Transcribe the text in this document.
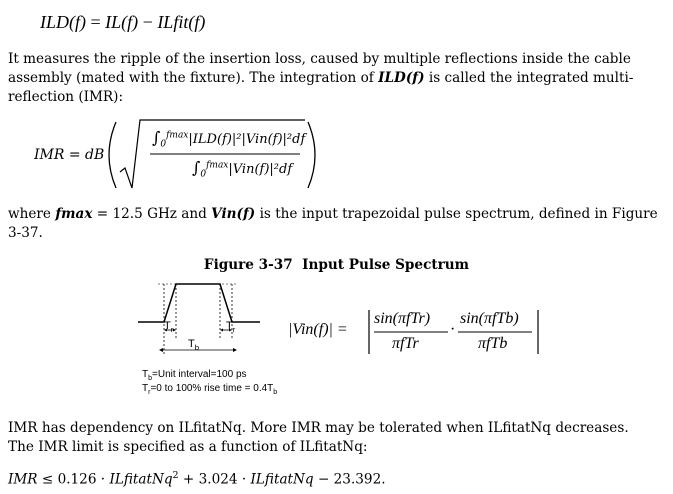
ILD(f) = IL(f) − ILfit(f)
It measures the ripple of the insertion loss, caused by multiple reflections inside the cable assembly (mated with the fixture). The integration of ILD(f) is called the integrated multi-reflection (IMR):
IMR = dB
$\int_0^{fmax}|ILD(f)|^2|Vin(f)|^2df$
$\int_0^{fmax}|Vin(f)|^2df$
where fmax = 12.5 GHz and Vin(f) is the input trapezoidal pulse spectrum, defined in Figure 3-37.
Figure 3-37  Input Pulse Spectrum
$T_r$	$T_r$
$T_b$
$T_b=Unit$ interval=100 ps
$T_r=0$ to 100% rise time = $0.4T_b$
|Vin(f)| =
sin(πfTr)
πfTr
·
sin(πfTb)
πfTb
IMR has dependency on ILfitatNq. More IMR may be tolerated when ILfitatNq decreases.
The IMR limit is specified as a function of ILfitatNq:
IMR ≤ 0.126 · ILfitatNq$^2$ + 3.024 · ILfitatNq − 23.392.
